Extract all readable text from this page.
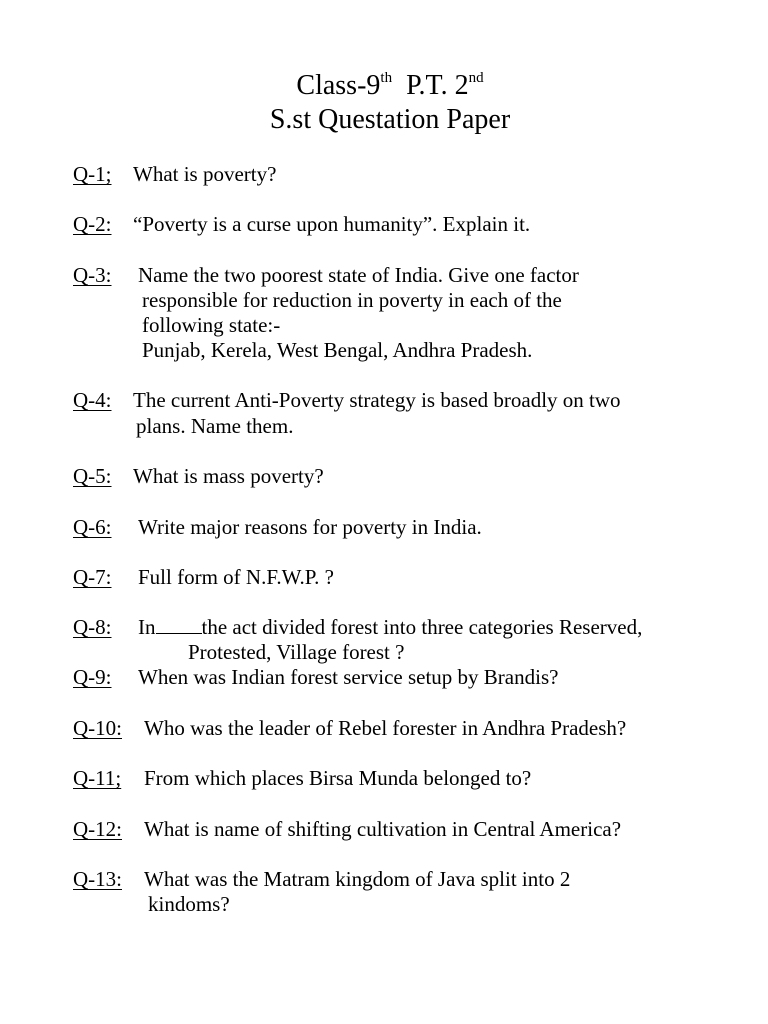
Class-9th P.T. 2nd
S.st Questation Paper
Q-1; What is poverty?
Q-2: “Poverty is a curse upon humanity”. Explain it.
Q-3: Name the two poorest state of India. Give one factor
responsible for reduction in poverty in each of the
following state:-
Punjab, Kerela, West Bengal, Andhra Pradesh.
Q-4: The current Anti-Poverty strategy is based broadly on two
plans. Name them.
Q-5: What is mass poverty?
Q-6: Write major reasons for poverty in India.
Q-7: Full form of N.F.W.P. ?
Q-8: In the act divided forest into three categories Reserved,
Protested, Village forest ?
Q-9: When was Indian forest service setup by Brandis?
Q-10: Who was the leader of Rebel forester in Andhra Pradesh?
Q-11; From which places Birsa Munda belonged to?
Q-12: What is name of shifting cultivation in Central America?
Q-13: What was the Matram kingdom of Java split into 2
kindoms?
